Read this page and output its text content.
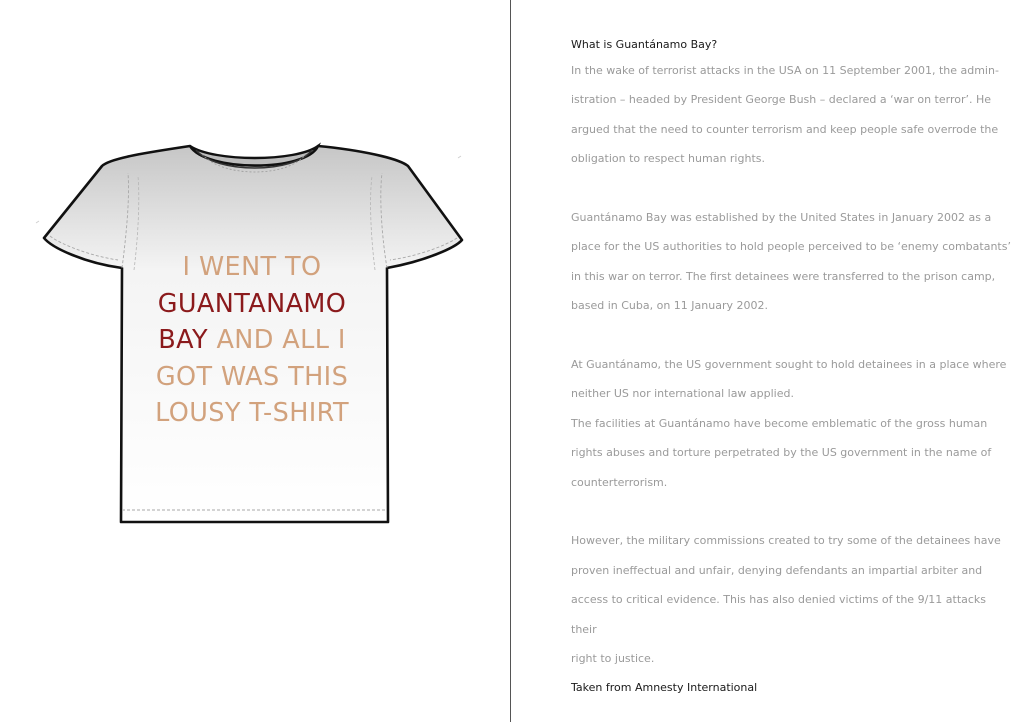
I WENT TO
GUANTANAMO
BAY AND ALL I
GOT WAS THIS
LOUSY T-SHIRT

What is Guantánamo Bay?

In the wake of terrorist attacks in the USA on 11 September 2001, the admin-

istration – headed by President George Bush – declared a ‘war on terror’. He

argued that the need to counter terrorism and keep people safe overrode the

obligation to respect human rights.

Guantánamo Bay was established by the United States in January 2002 as a

place for the US authorities to hold people perceived to be ‘enemy combatants’

in this war on terror. The first detainees were transferred to the prison camp,

based in Cuba, on 11 January 2002.

At Guantánamo, the US government sought to hold detainees in a place where

neither US nor international law applied.

The facilities at Guantánamo have become emblematic of the gross human

rights abuses and torture perpetrated by the US government in the name of

counterterrorism.

However, the military commissions created to try some of the detainees have

proven ineffectual and unfair, denying defendants an impartial arbiter and

access to critical evidence. This has also denied victims of the 9/11 attacks their

right to justice.

Taken from Amnesty International
